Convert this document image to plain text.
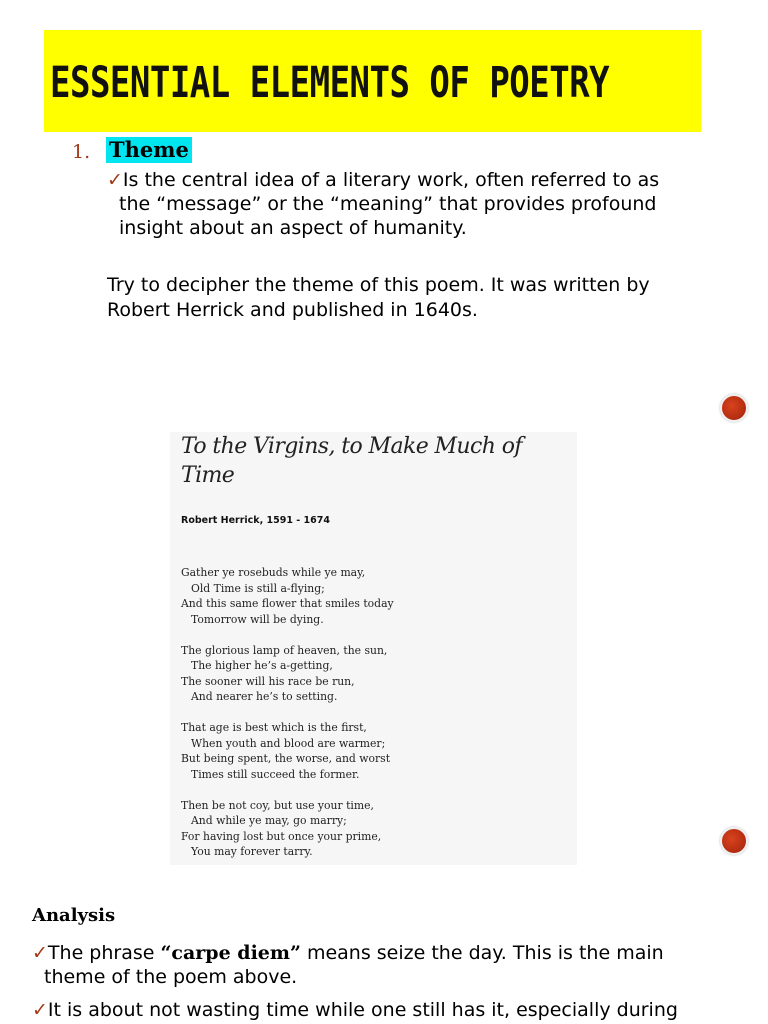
ESSENTIAL ELEMENTS OF POETRY
1. Theme

✓Is the central idea of a literary work, often referred to as
the “message” or the “meaning” that provides profound
insight about an aspect of humanity.

Try to decipher the theme of this poem. It was written by
Robert Herrick and published in 1640s.

To the Virgins, to Make Much of
Time
Robert Herrick, 1591 - 1674
Gather ye rosebuds while ye may,
Old Time is still a-flying;
And this same flower that smiles today
Tomorrow will be dying.
The glorious lamp of heaven, the sun,
The higher he’s a-getting,
The sooner will his race be run,
And nearer he’s to setting.
That age is best which is the first,
When youth and blood are warmer;
But being spent, the worse, and worst
Times still succeed the former.
Then be not coy, but use your time,
And while ye may, go marry;
For having lost but once your prime,
You may forever tarry.
Analysis

✓The phrase “carpe diem” means seize the day. This is the main
theme of the poem above.

✓It is about not wasting time while one still has it, especially during
